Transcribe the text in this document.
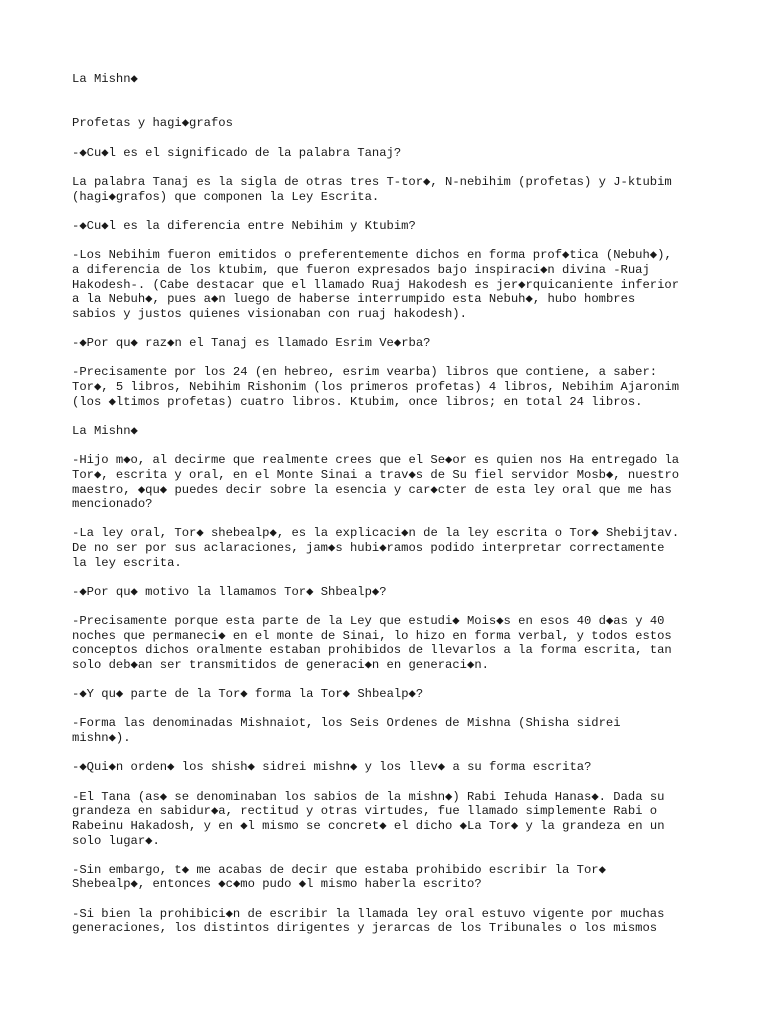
La Mishn◆

Profetas y hagi◆grafos

-◆Cu◆l es el significado de la palabra Tanaj?

La palabra Tanaj es la sigla de otras tres T-tor◆, N-nebihim (profetas) y J-ktubim

(hagi◆grafos) que componen la Ley Escrita.

-◆Cu◆l es la diferencia entre Nebihim y Ktubim?

-Los Nebihim fueron emitidos o preferentemente dichos en forma prof◆tica (Nebuh◆),

a diferencia de los ktubim, que fueron expresados bajo inspiraci◆n divina -Ruaj

Hakodesh-. (Cabe destacar que el llamado Ruaj Hakodesh es jer◆rquicaniente inferior

a la Nebuh◆, pues a◆n luego de haberse interrumpido esta Nebuh◆, hubo hombres

sabios y justos quienes visionaban con ruaj hakodesh).

-◆Por qu◆ raz◆n el Tanaj es llamado Esrim Ve◆rba?

-Precisamente por los 24 (en hebreo, esrim vearba) libros que contiene, a saber:

Tor◆, 5 libros, Nebihim Rishonim (los primeros profetas) 4 libros, Nebihim Ajaronim

(los ◆ltimos profetas) cuatro libros. Ktubim, once libros; en total 24 libros.

La Mishn◆

-Hijo m◆o, al decirme que realmente crees que el Se◆or es quien nos Ha entregado la

Tor◆, escrita y oral, en el Monte Sinai a trav◆s de Su fiel servidor Mosb◆, nuestro

maestro, ◆qu◆ puedes decir sobre la esencia y car◆cter de esta ley oral que me has

mencionado?

-La ley oral, Tor◆ shebealp◆, es la explicaci◆n de la ley escrita o Tor◆ Shebijtav.

De no ser por sus aclaraciones, jam◆s hubi◆ramos podido interpretar correctamente

la ley escrita.

-◆Por qu◆ motivo la llamamos Tor◆ Shbealp◆?

-Precisamente porque esta parte de la Ley que estudi◆ Mois◆s en esos 40 d◆as y 40

noches que permaneci◆ en el monte de Sinai, lo hizo en forma verbal, y todos estos

conceptos dichos oralmente estaban prohibidos de llevarlos a la forma escrita, tan

solo deb◆an ser transmitidos de generaci◆n en generaci◆n.

-◆Y qu◆ parte de la Tor◆ forma la Tor◆ Shbealp◆?

-Forma las denominadas Mishnaiot, los Seis Ordenes de Mishna (Shisha sidrei

mishn◆).

-◆Qui◆n orden◆ los shish◆ sidrei mishn◆ y los llev◆ a su forma escrita?

-El Tana (as◆ se denominaban los sabios de la mishn◆) Rabi Iehuda Hanas◆. Dada su

grandeza en sabidur◆a, rectitud y otras virtudes, fue llamado simplemente Rabi o

Rabeinu Hakadosh, y en ◆l mismo se concret◆ el dicho ◆La Tor◆ y la grandeza en un

solo lugar◆.

-Sin embargo, t◆ me acabas de decir que estaba prohibido escribir la Tor◆

Shebealp◆, entonces ◆c◆mo pudo ◆l mismo haberla escrito?

-Si bien la prohibici◆n de escribir la llamada ley oral estuvo vigente por muchas

generaciones, los distintos dirigentes y jerarcas de los Tribunales o los mismos
